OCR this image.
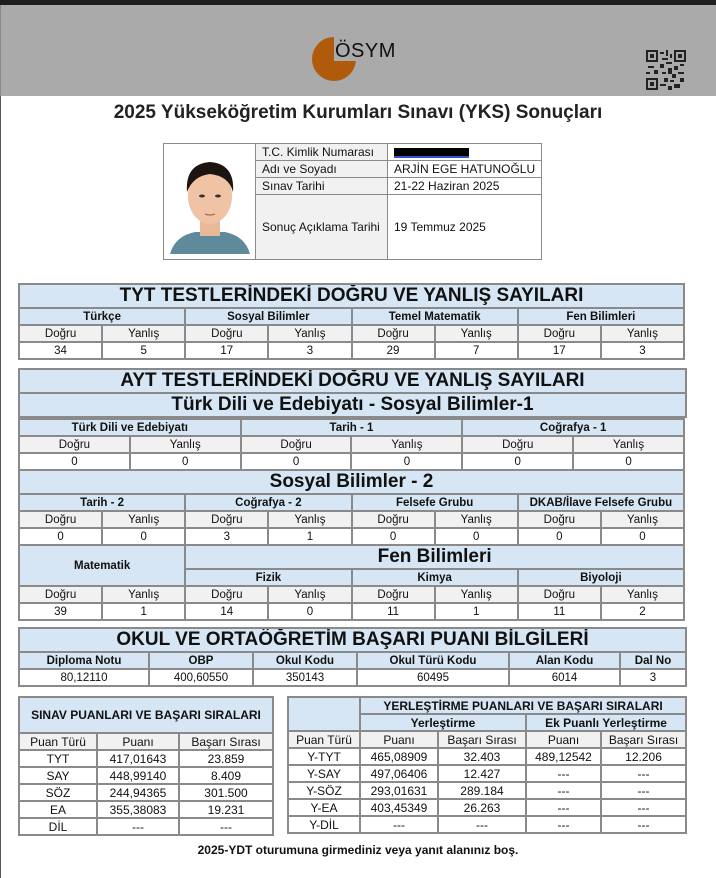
ÖSYM
2025 Yükseköğretim Kurumları Sınavı (YKS) Sonuçları
	T.C. Kimlik Numarası	
	Adı ve Soyadı	ARJİN EGE HATUNOĞLU
	Sınav Tarihi	21-22 Haziran 2025
	Sonuç Açıklama Tarihi	19 Temmuz 2025
TYT TESTLERİNDEKİ DOĞRU VE YANLIŞ SAYILARI							
Türkçe		Sosyal Bilimler		Temel Matematik		Fen Bilimleri	
Doğru	Yanlış	Doğru	Yanlış	Doğru	Yanlış	Doğru	Yanlış
34	5	17	3	29	7	17	3
AYT TESTLERİNDEKİ DOĞRU VE YANLIŞ SAYILARI
Türk Dili ve Edebiyatı - Sosyal Bilimler-1
Türk Dili ve Edebiyatı		Tarih - 1		Coğrafya - 1	
Doğru	Yanlış	Doğru	Yanlış	Doğru	Yanlış
0	0	0	0	0	0
Sosyal Bilimler - 2							
Tarih - 2		Coğrafya - 2		Felsefe Grubu		DKAB/İlave Felsefe Grubu	
Doğru	Yanlış	Doğru	Yanlış	Doğru	Yanlış	Doğru	Yanlış
0	0	3	1	0	0	0	0
Matematik		Fen Bilimleri					
		Fizik		Kimya		Biyoloji	
Doğru	Yanlış	Doğru	Yanlış	Doğru	Yanlış	Doğru	Yanlış
39	1	14	0	11	1	11	2
OKUL VE ORTAÖĞRETİM BAŞARI PUANI BİLGİLERİ					
Diploma Notu	OBP	Okul Kodu	Okul Türü Kodu	Alan Kodu	Dal No
80,12110	400,60550	350143	60495	6014	3
SINAV PUANLARI VE BAŞARI SIRALARI		
Puan Türü	Puanı	Başarı Sırası
TYT	417,01643	23.859
SAY	448,99140	8.409
SÖZ	244,94365	301.500
EA	355,38083	19.231
DİL	---	---
	YERLEŞTİRME PUANLARI VE BAŞARI SIRALARI			
	Yerleştirme		Ek Puanlı Yerleştirme	
Puan Türü	Puanı	Başarı Sırası	Puanı	Başarı Sırası
Y-TYT	465,08909	32.403	489,12542	12.206
Y-SAY	497,06406	12.427	---	---
Y-SÖZ	293,01631	289.184	---	---
Y-EA	403,45349	26.263	---	---
Y-DİL	---	---	---	---
2025-YDT oturumuna girmediniz veya yanıt alanınız boş.
